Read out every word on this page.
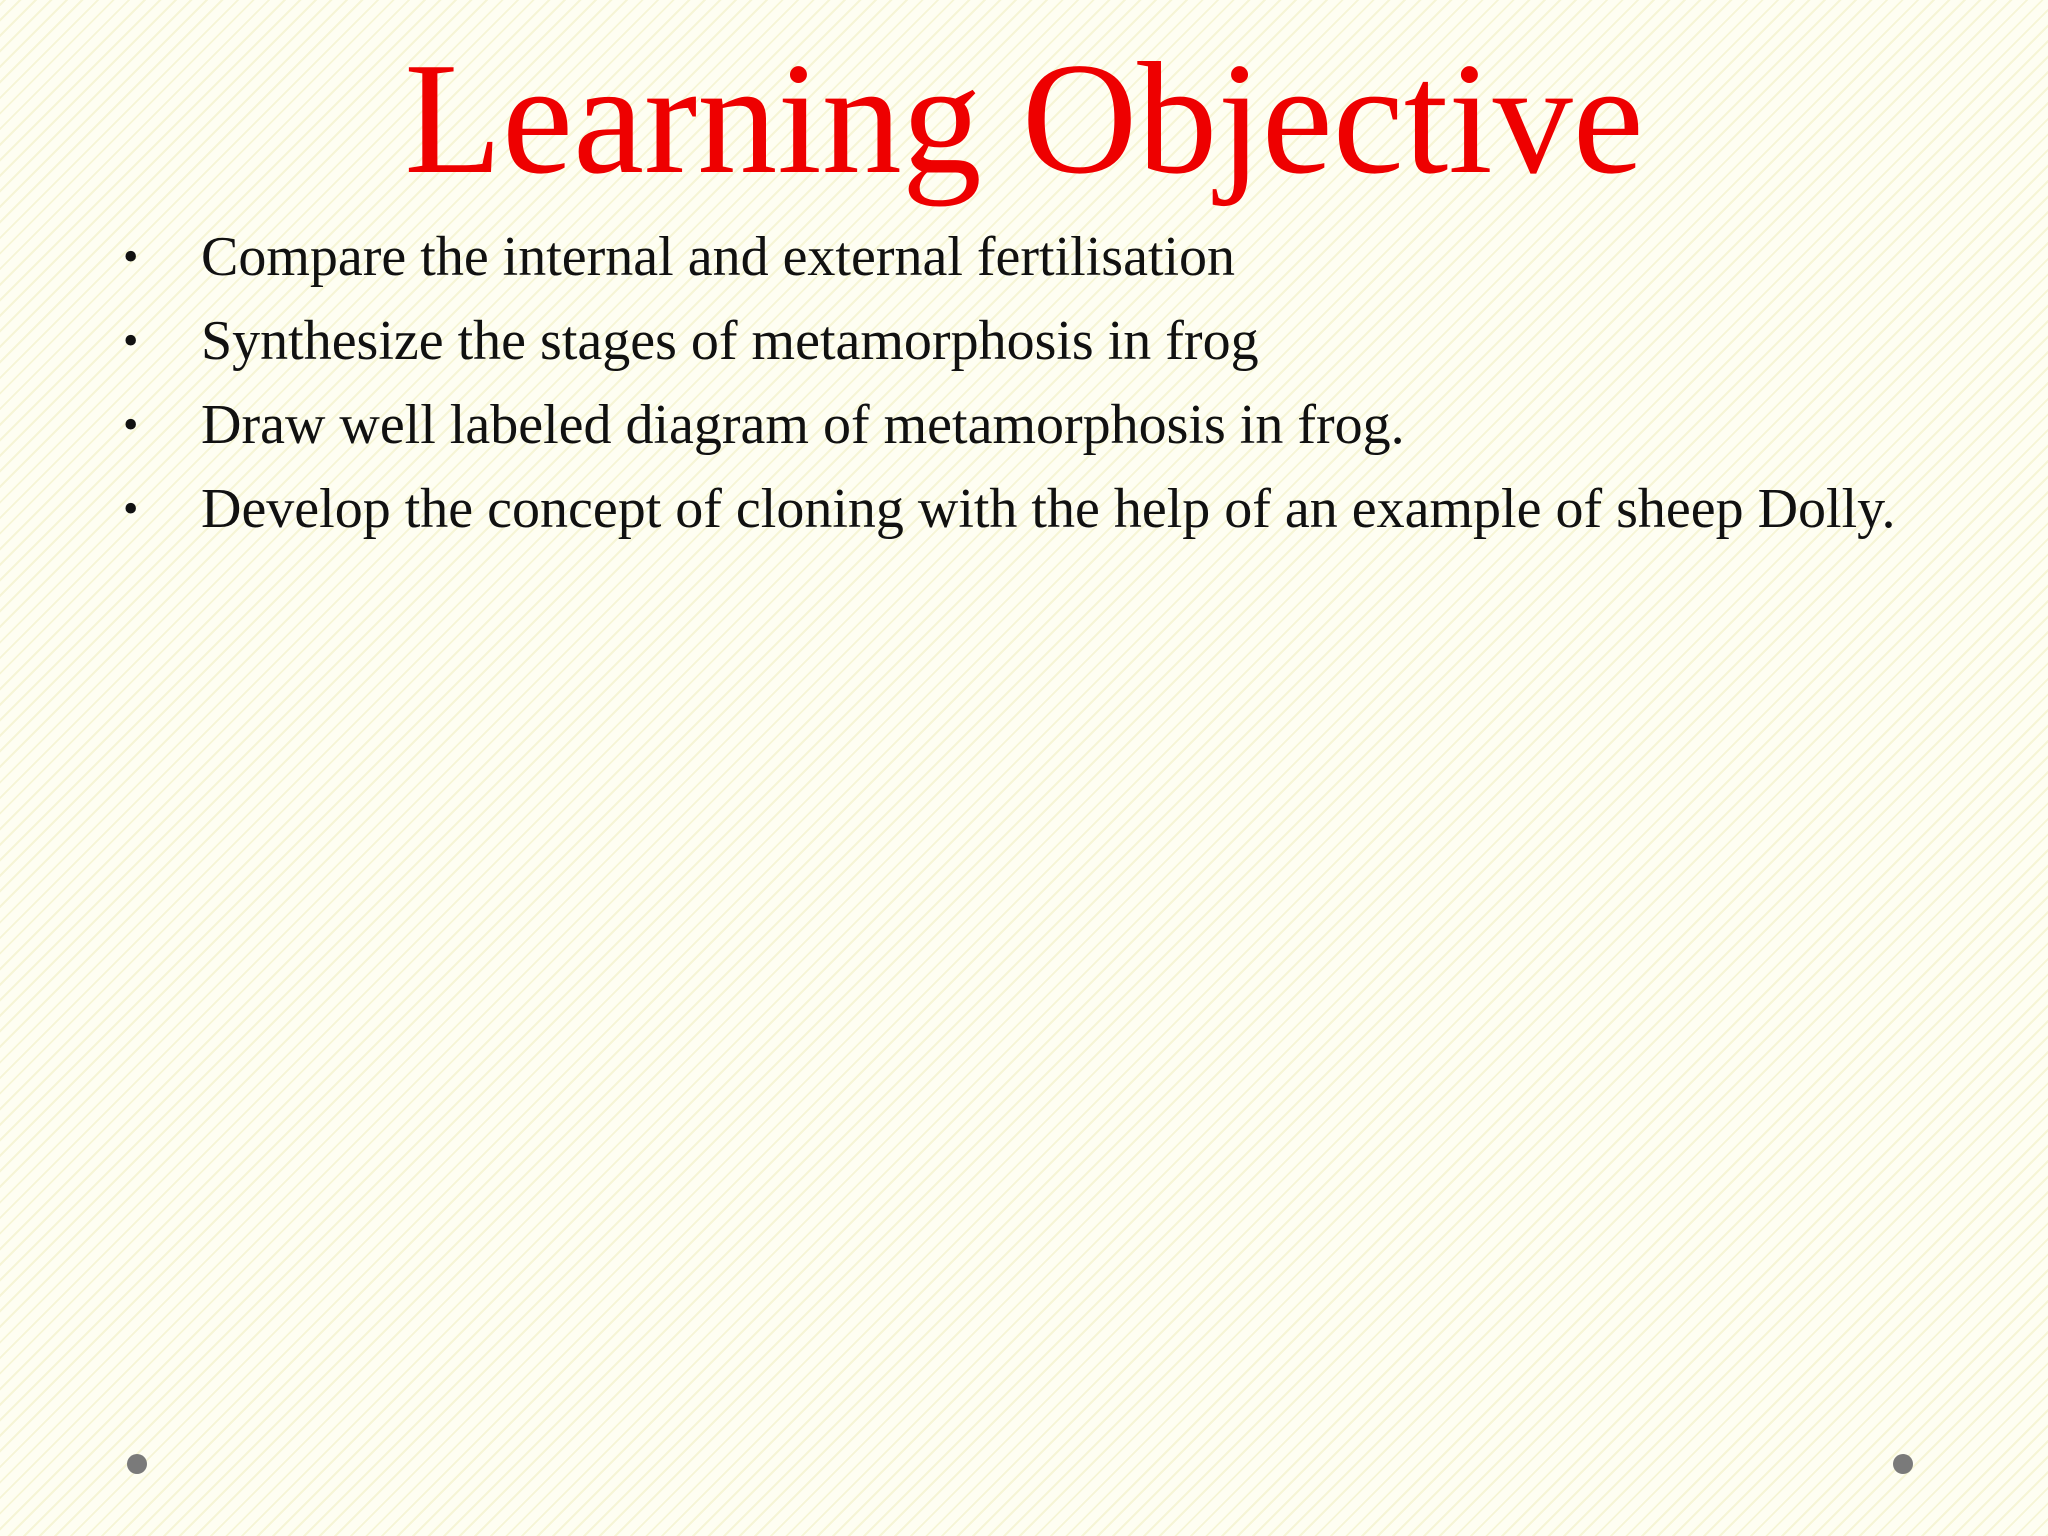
Learning Objective
• Compare the internal and external fertilisation
• Synthesize the stages of metamorphosis in frog
• Draw well labeled diagram of metamorphosis in frog.
• Develop the concept of cloning with the help of an example of sheep Dolly.
